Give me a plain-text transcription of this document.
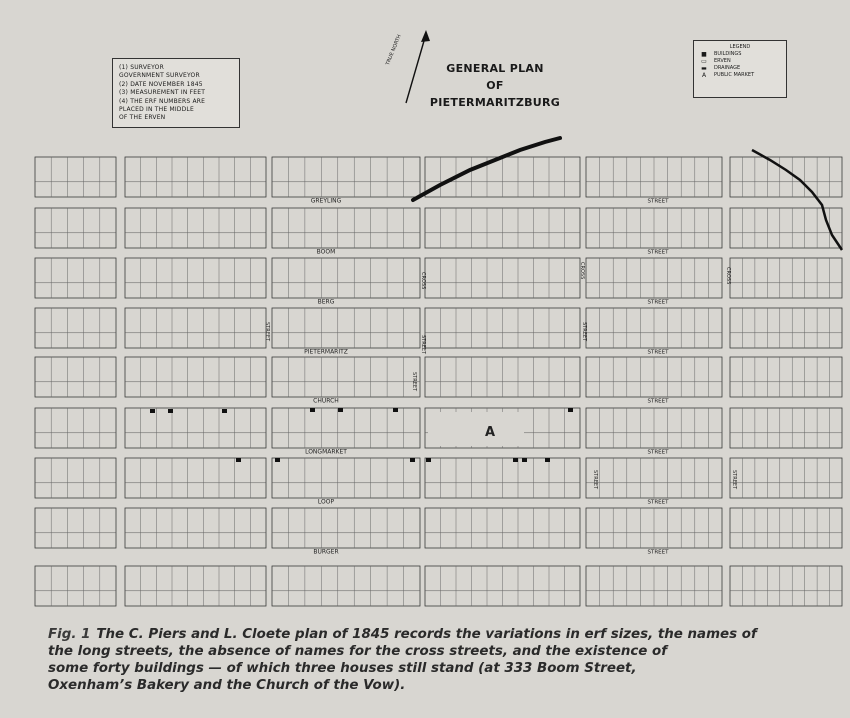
A
GREYLING	STREET
BOOM	STREET
BERG	STREET
PIETERMARITZ	STREET
CHURCH	STREET
LONGMARKET	STREET
LOOP	STREET
BURGER	STREET
CROSS
CROSS	CROSS
STREET
STREET
STREET
STREET
STREET	STREET
(1) SURVEYOR
GOVERNMENT SURVEYOR
(2) DATE NOVEMBER 1845
(3) MEASUREMENT IN FEET
(4) THE ERF NUMBERS ARE
PLACED IN THE MIDDLE
OF THE ERVEN
TRUE NORTH
GENERAL PLAN
OF
PIETERMARITZBURG
LEGEND
■	BUILDINGS
▭	ERVEN
▬	DRAINAGE
A	PUBLIC MARKET
Fig. 1 The C. Piers and L. Cloete plan of 1845 records the variations in erf sizes, the names of
the long streets, the absence of names for the cross streets, and the existence of
some forty buildings — of which three houses still stand (at 333 Boom Street,
Oxenham’s Bakery and the Church of the Vow).
